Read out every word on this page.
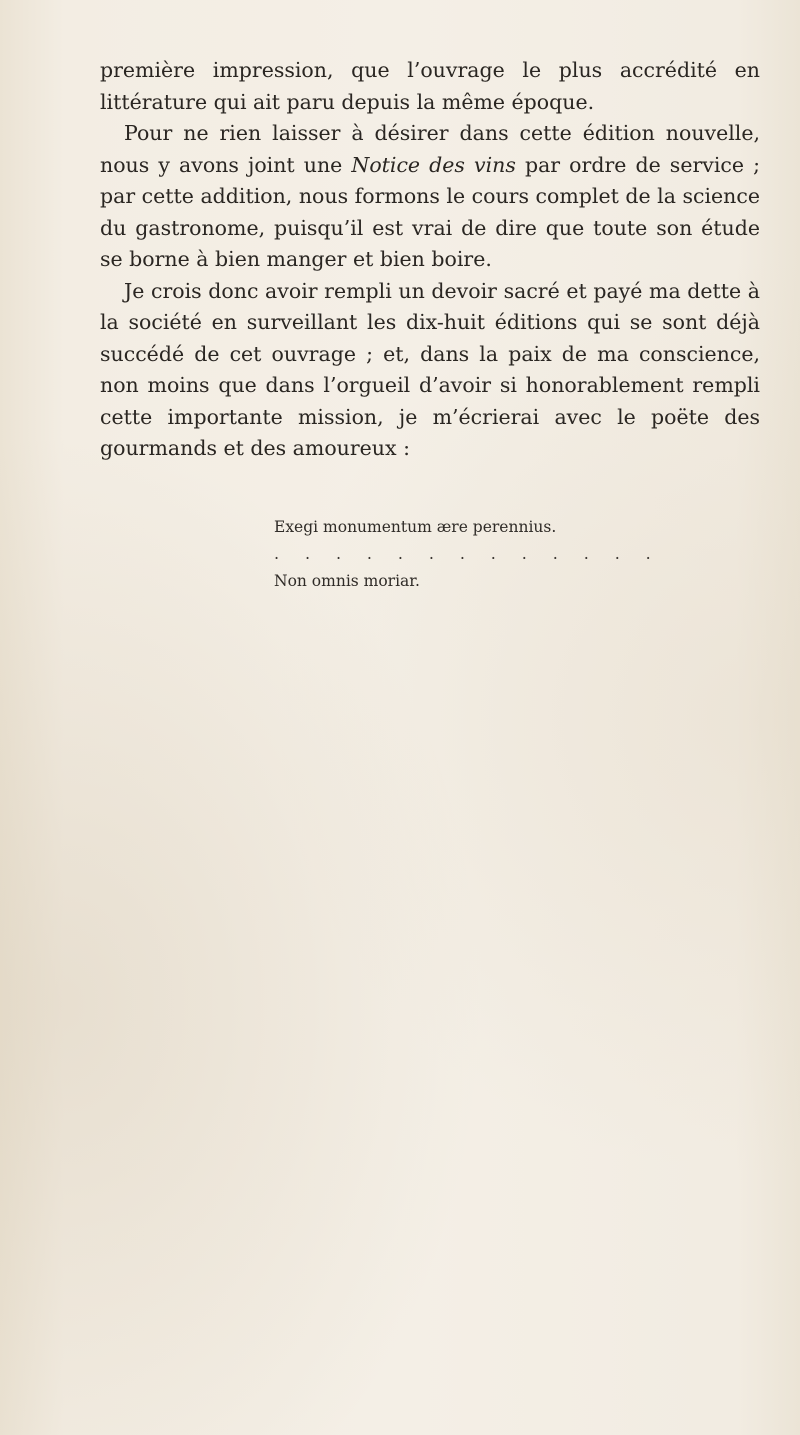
première impression, que l’ouvrage le plus accrédité en littérature qui ait paru depuis la même époque.

Pour ne rien laisser à désirer dans cette édition nouvelle, nous y avons joint une Notice des vins par ordre de service ; par cette addition, nous formons le cours complet de la science du gastronome, puisqu’il est vrai de dire que toute son étude se borne à bien manger et bien boire.

Je crois donc avoir rempli un devoir sacré et payé ma dette à la société en surveillant les dix-huit éditions qui se sont déjà succédé de cet ouvrage ; et, dans la paix de ma conscience, non moins que dans l’orgueil d’avoir si honorablement rempli cette importante mission, je m’écrierai avec le poëte des gourmands et des amoureux :

Exegi monumentum ære perennius.
. . . . . . . . . . . . .
Non omnis moriar.
